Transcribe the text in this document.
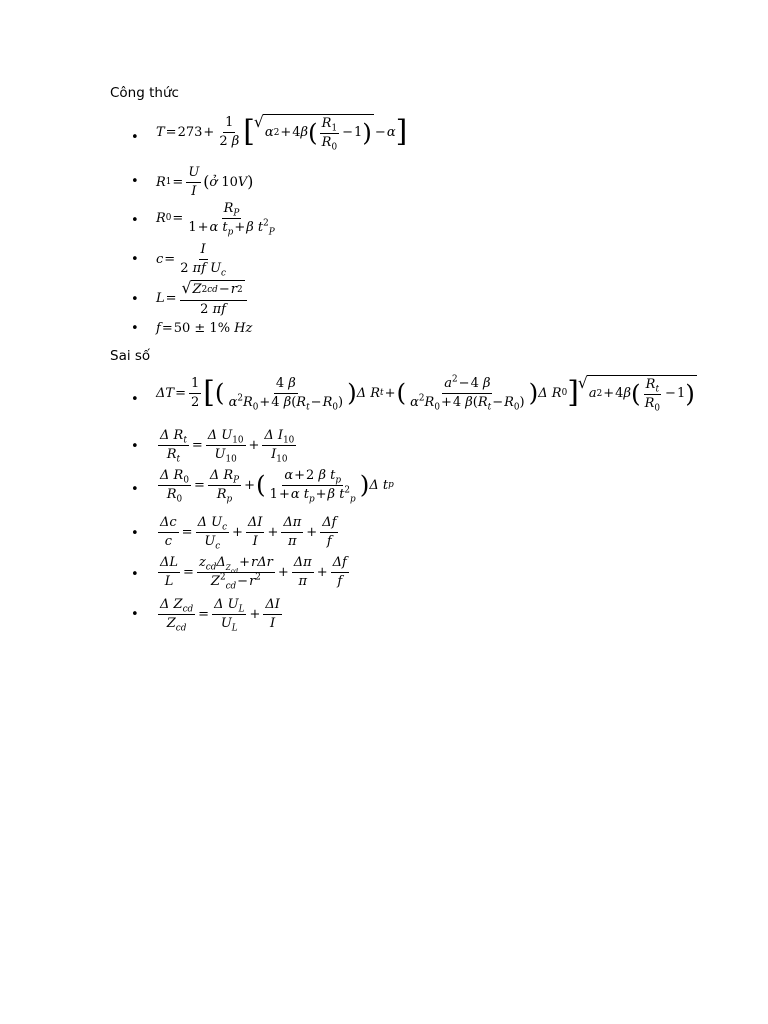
Công thức
• $T = 273 + \frac{1}{2 \beta}$ [ √ α 2 + 4 β ( $R_1$
$R_0$
− 1 ) − α ]
• R $1 = \frac{U}{I}$ ( ở 10 V )
• R $0 = \frac{R_P}{1+\alpha t_p+\beta t^2_P}$
• $c = \frac{I}{2 \pi f U_c}$
• L = √ $\frac{Z 2 cd - r 2}{2 \pi f}$
• f = 50 ± 1% Hz
Sai số
• $\Delta T = \frac{1}{2}$ [ (	4 β
$\alpha^2R_0+4$ $\beta(R_t-R_0)$ ) Δ R t + (	$a^2-4$ β
$\alpha^2R_0+4$ $\beta(R_t-R_0)$ ) Δ R 0 ] √ a 2 + 4 β ( $R_t$
$R_0$
− 1 )
• $\frac{\Delta R_t}{R_t} = \frac{\Delta U_{10}}{U_{10}} + \frac{\Delta I_{10}}{I_{10}}$
• $\frac{\Delta R_0}{R_0} = \frac{\Delta R_P}{R_p}$ + ( α+2 β $t_p$
1+α $t_p+\beta$ $t^2_p$
) Δ t p
• $\frac{\Delta c}{c} = \frac{\Delta U_c}{U_c} + \frac{\Delta I}{I} + \frac{\Delta\pi}{\pi} + \frac{\Delta f}{f}$
• $\frac{\Delta L}{L}$ =
$z_{cd}\Delta_{Z_{cd}}+r\Delta r$
$Z^2_{cd}-r^2 + \frac{\Delta\pi}{\pi} + \frac{\Delta f}{f}$
•
Δ $Z_{cd}$
$Z_{cd}$
= $\frac{\Delta U_L}{U_L} + \frac{\Delta I}{I}$
